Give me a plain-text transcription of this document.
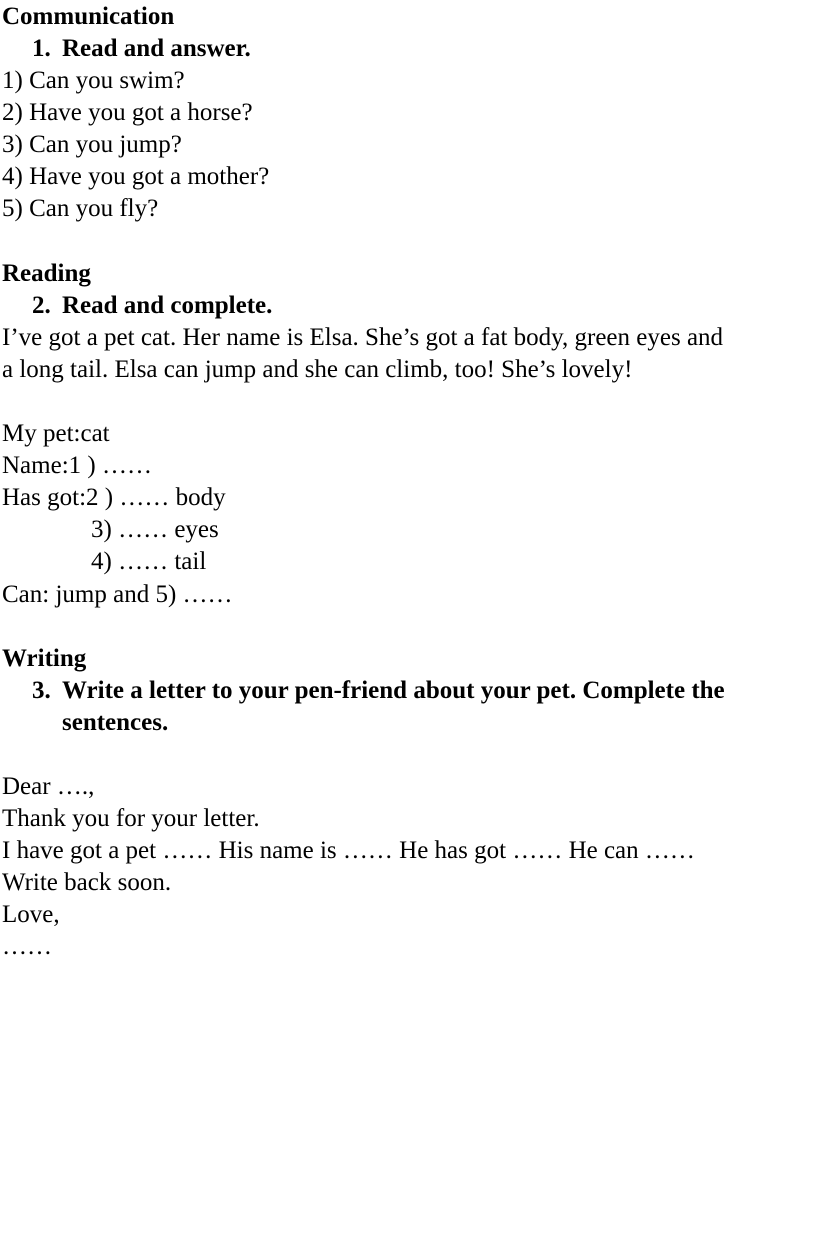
Communication
1. Read and answer.
1) Can you swim?
2) Have you got a horse?
3) Can you jump?
4) Have you got a mother?
5) Can you fly?
Reading
2. Read and complete.
I’ve got a pet cat. Her name is Elsa. She’s got a fat body, green eyes and
a long tail. Elsa can jump and she can climb, too! She’s lovely!
My pet:cat
Name:1 ) ……
Has got:2 ) …… body
3) …… eyes
4) …… tail
Can: jump and 5) ……
Writing
3. Write a letter to your pen-friend about your pet. Complete the
sentences.
Dear ….,
Thank you for your letter.
I have got a pet …… His name is …… He has got …… He can ……
Write back soon.
Love,
……
